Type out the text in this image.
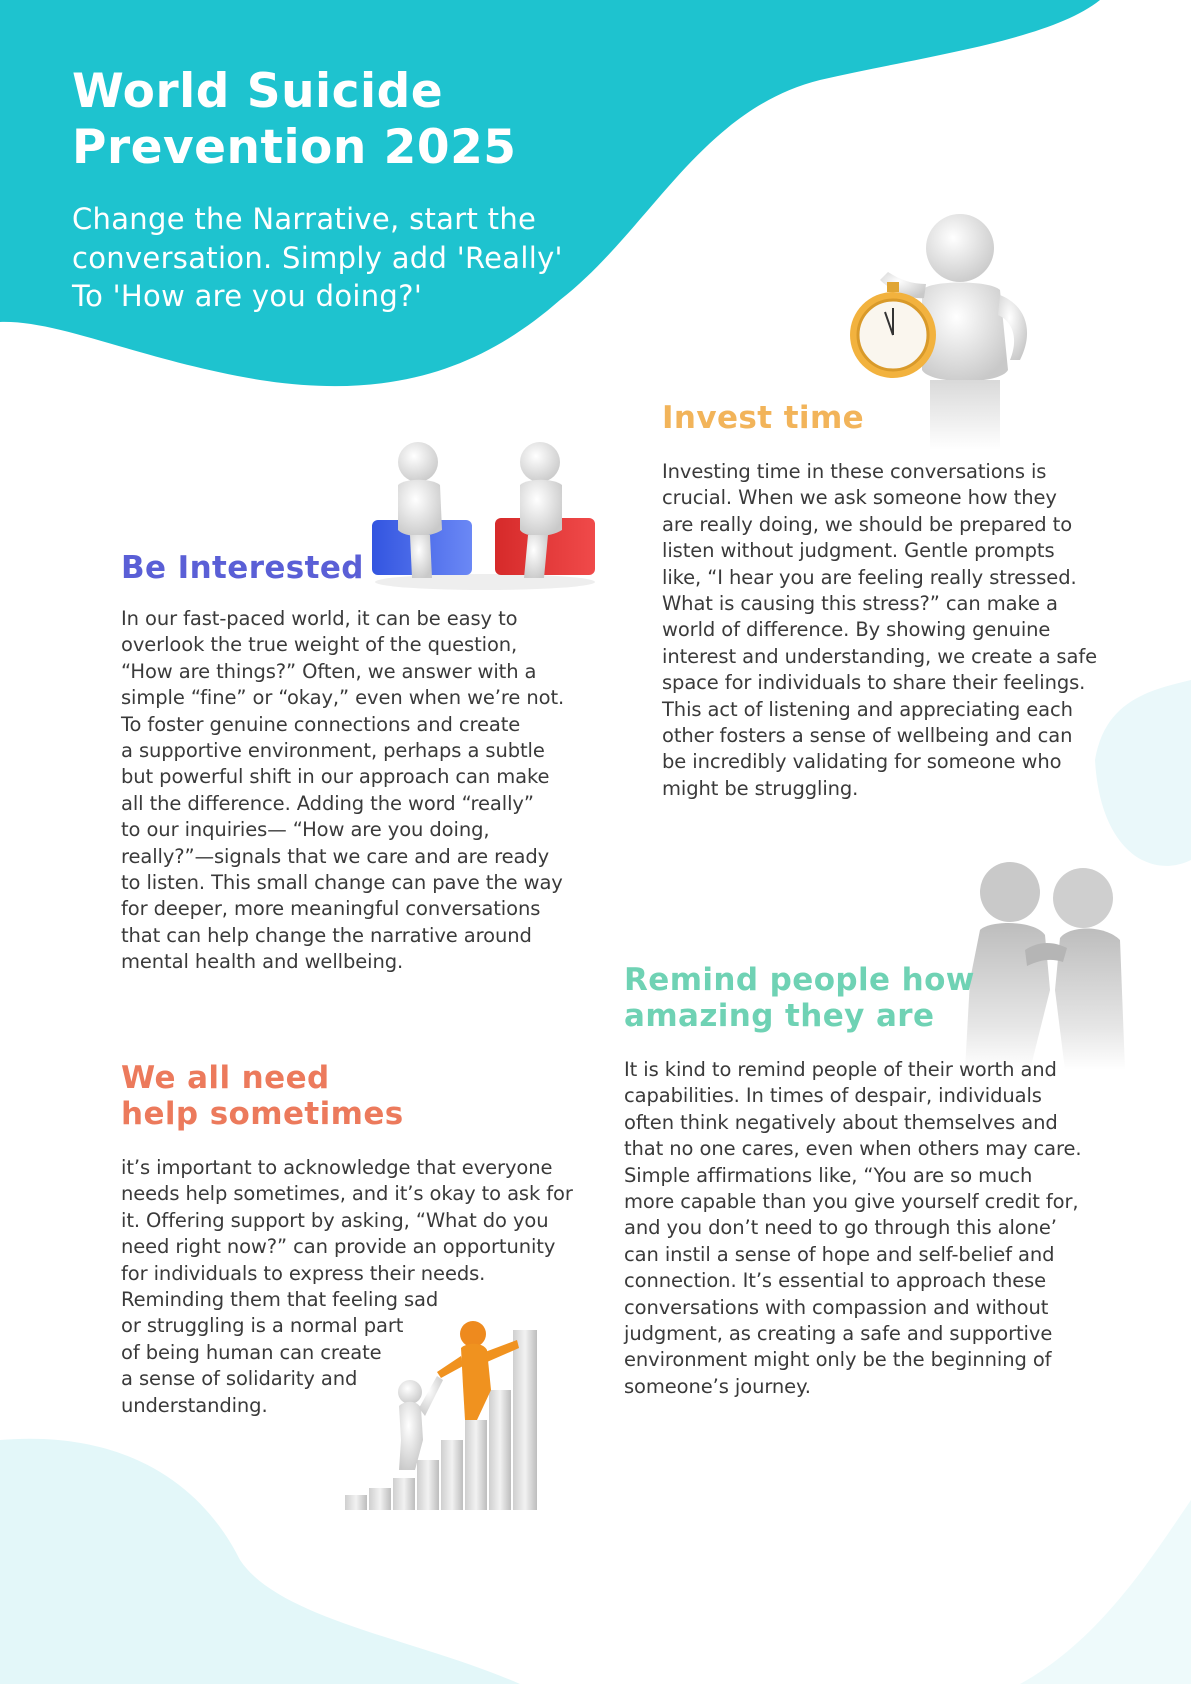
World Suicide
Prevention 2025
Change the Narrative, start the
conversation. Simply add 'Really'
To 'How are you doing?'
Be Interested
In our fast-paced world, it can be easy to
overlook the true weight of the question,
“How are things?” Often, we answer with a
simple “fine” or “okay,” even when we’re not.
To foster genuine connections and create
a supportive environment, perhaps a subtle
but powerful shift in our approach can make
all the difference. Adding the word “really”
to our inquiries— “How are you doing,
really?”—signals that we care and are ready
to listen. This small change can pave the way
for deeper, more meaningful conversations
that can help change the narrative around
mental health and wellbeing.
Invest time
Investing time in these conversations is
crucial. When we ask someone how they
are really doing, we should be prepared to
listen without judgment. Gentle prompts
like, “I hear you are feeling really stressed.
What is causing this stress?” can make a
world of difference. By showing genuine
interest and understanding, we create a safe
space for individuals to share their feelings.
This act of listening and appreciating each
other fosters a sense of wellbeing and can
be incredibly validating for someone who
might be struggling.
Remind people how
amazing they are
It is kind to remind people of their worth and
capabilities. In times of despair, individuals
often think negatively about themselves and
that no one cares, even when others may care.
Simple affirmations like, “You are so much
more capable than you give yourself credit for,
and you don’t need to go through this alone’
can instil a sense of hope and self-belief and
connection. It’s essential to approach these
conversations with compassion and without
judgment, as creating a safe and supportive
environment might only be the beginning of
someone’s journey.
We all need
help sometimes
it’s important to acknowledge that everyone
needs help sometimes, and it’s okay to ask for
it. Offering support by asking, “What do you
need right now?” can provide an opportunity
for individuals to express their needs.
Reminding them that feeling sad
or struggling is a normal part
of being human can create
a sense of solidarity and
understanding.
